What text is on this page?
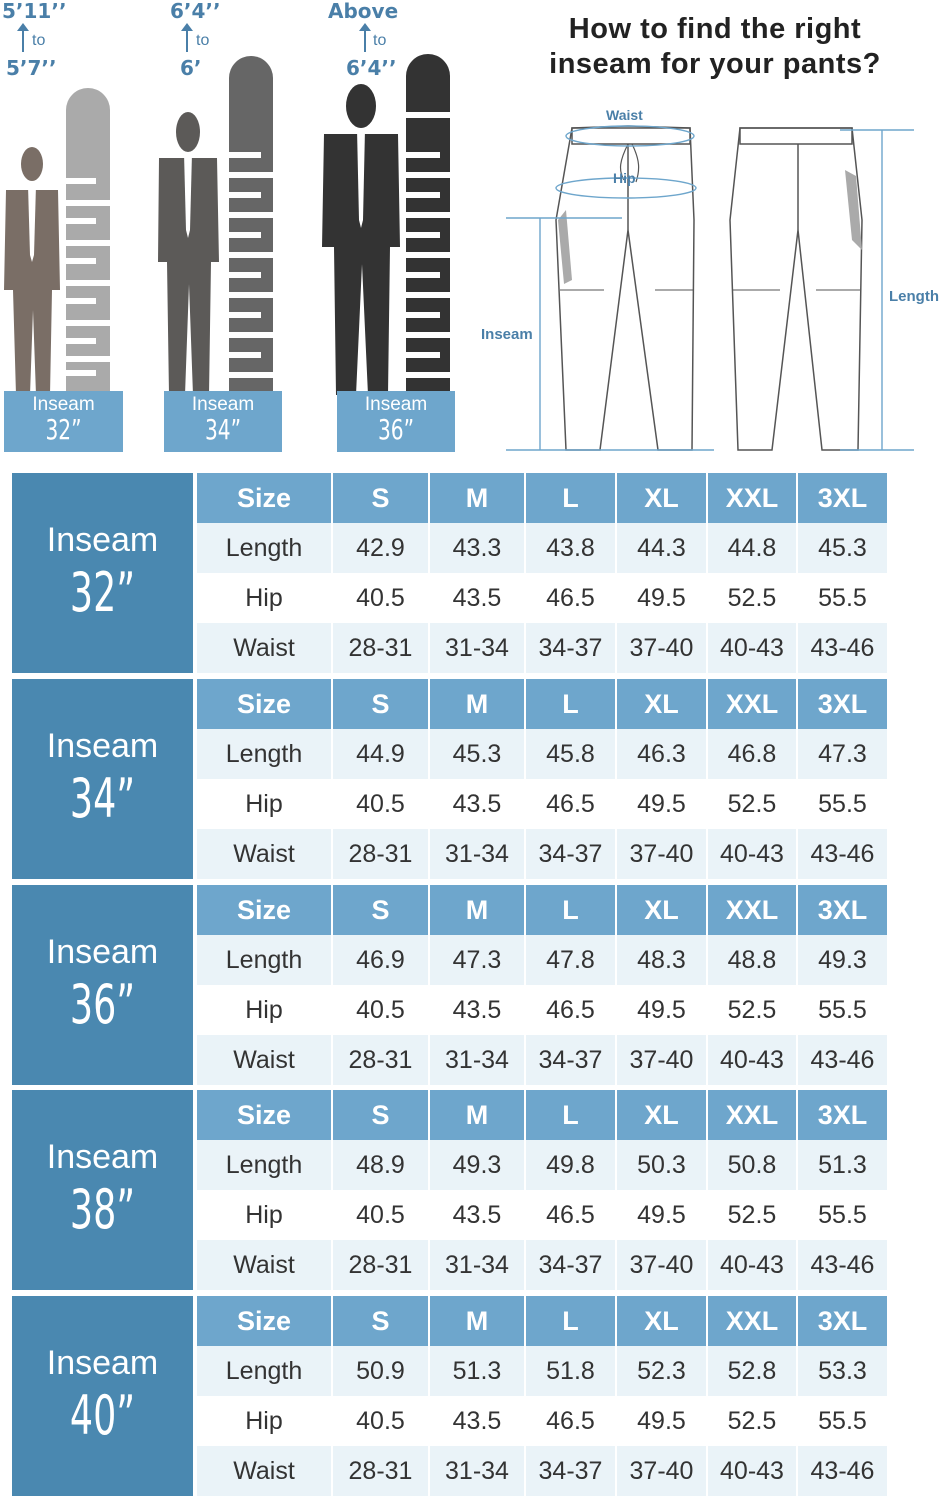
5’11’’
to
5’7’’
Inseam
32”
6’4’’
to
6’
Inseam
34”
Above
to
6’4’’
Inseam
36”
How to find the right
inseam for your pants?
Waist
Hip
Inseam
Length
Inseam
32”
Size	S	M	L	XL	XXL	3XL
Length	42.9	43.3	43.8	44.3	44.8	45.3
Hip	40.5	43.5	46.5	49.5	52.5	55.5
Waist	28-31	31-34	34-37	37-40	40-43	43-46
Inseam
34”
Size	S	M	L	XL	XXL	3XL
Length	44.9	45.3	45.8	46.3	46.8	47.3
Hip	40.5	43.5	46.5	49.5	52.5	55.5
Waist	28-31	31-34	34-37	37-40	40-43	43-46
Inseam
36”
Size	S	M	L	XL	XXL	3XL
Length	46.9	47.3	47.8	48.3	48.8	49.3
Hip	40.5	43.5	46.5	49.5	52.5	55.5
Waist	28-31	31-34	34-37	37-40	40-43	43-46
Inseam
38”
Size	S	M	L	XL	XXL	3XL
Length	48.9	49.3	49.8	50.3	50.8	51.3
Hip	40.5	43.5	46.5	49.5	52.5	55.5
Waist	28-31	31-34	34-37	37-40	40-43	43-46
Inseam
40”
Size	S	M	L	XL	XXL	3XL
Length	50.9	51.3	51.8	52.3	52.8	53.3
Hip	40.5	43.5	46.5	49.5	52.5	55.5
Waist	28-31	31-34	34-37	37-40	40-43	43-46
